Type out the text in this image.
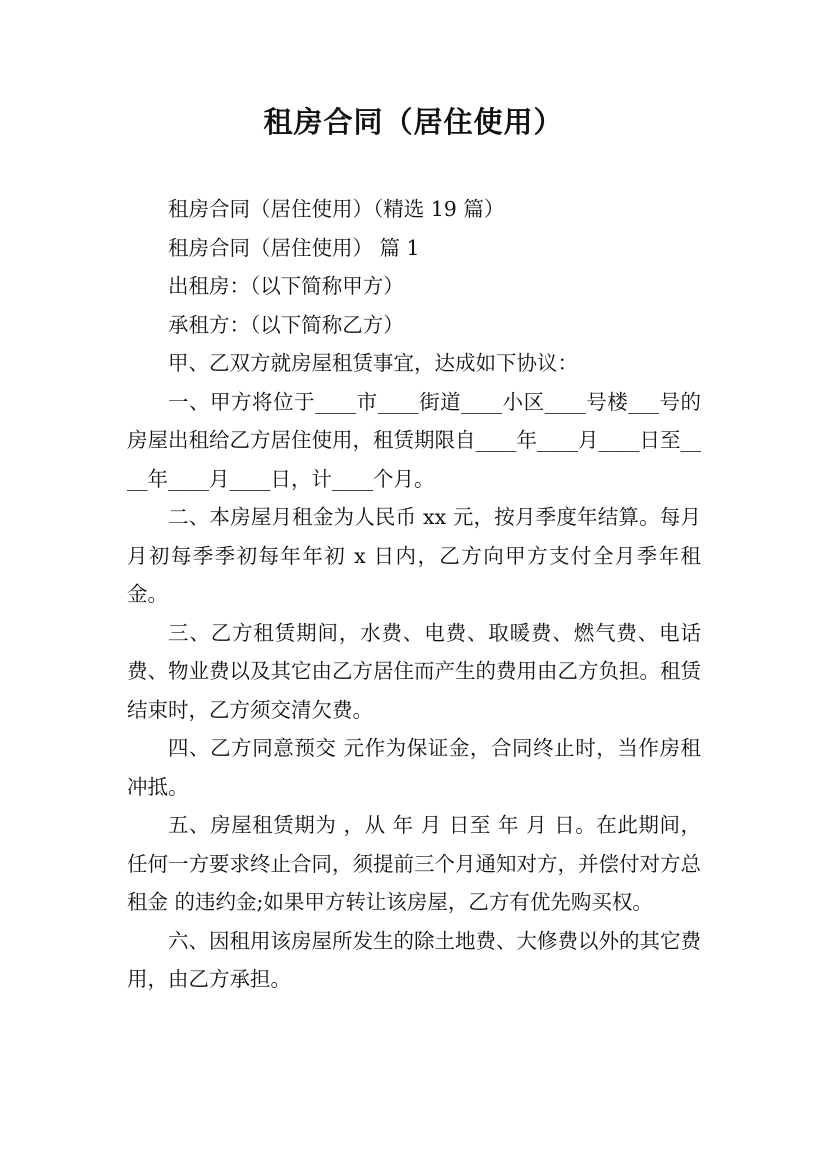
租房合同（居住使用）

租房合同（居住使用）（精选 19 篇）

租房合同（居住使用） 篇 1

出租房：（以下简称甲方）

承租方：（以下简称乙方）

甲、乙双方就房屋租赁事宜，达成如下协议：

一、甲方将位于____市____街道____小区____号楼___号的房屋出租给乙方居住使用，租赁期限自____年____月____日至____年____月____日，计____个月。

二、本房屋月租金为人民币 xx 元，按月季度年结算。每月月初每季季初每年年初 x 日内，乙方向甲方支付全月季年租金。

三、乙方租赁期间，水费、电费、取暖费、燃气费、电话费、物业费以及其它由乙方居住而产生的费用由乙方负担。租赁结束时，乙方须交清欠费。

四、乙方同意预交 元作为保证金，合同终止时，当作房租冲抵。

五、房屋租赁期为 ，从 年 月 日至 年 月 日。在此期间，任何一方要求终止合同，须提前三个月通知对方，并偿付对方总租金 的违约金;如果甲方转让该房屋，乙方有优先购买权。

六、因租用该房屋所发生的除土地费、大修费以外的其它费用，由乙方承担。
